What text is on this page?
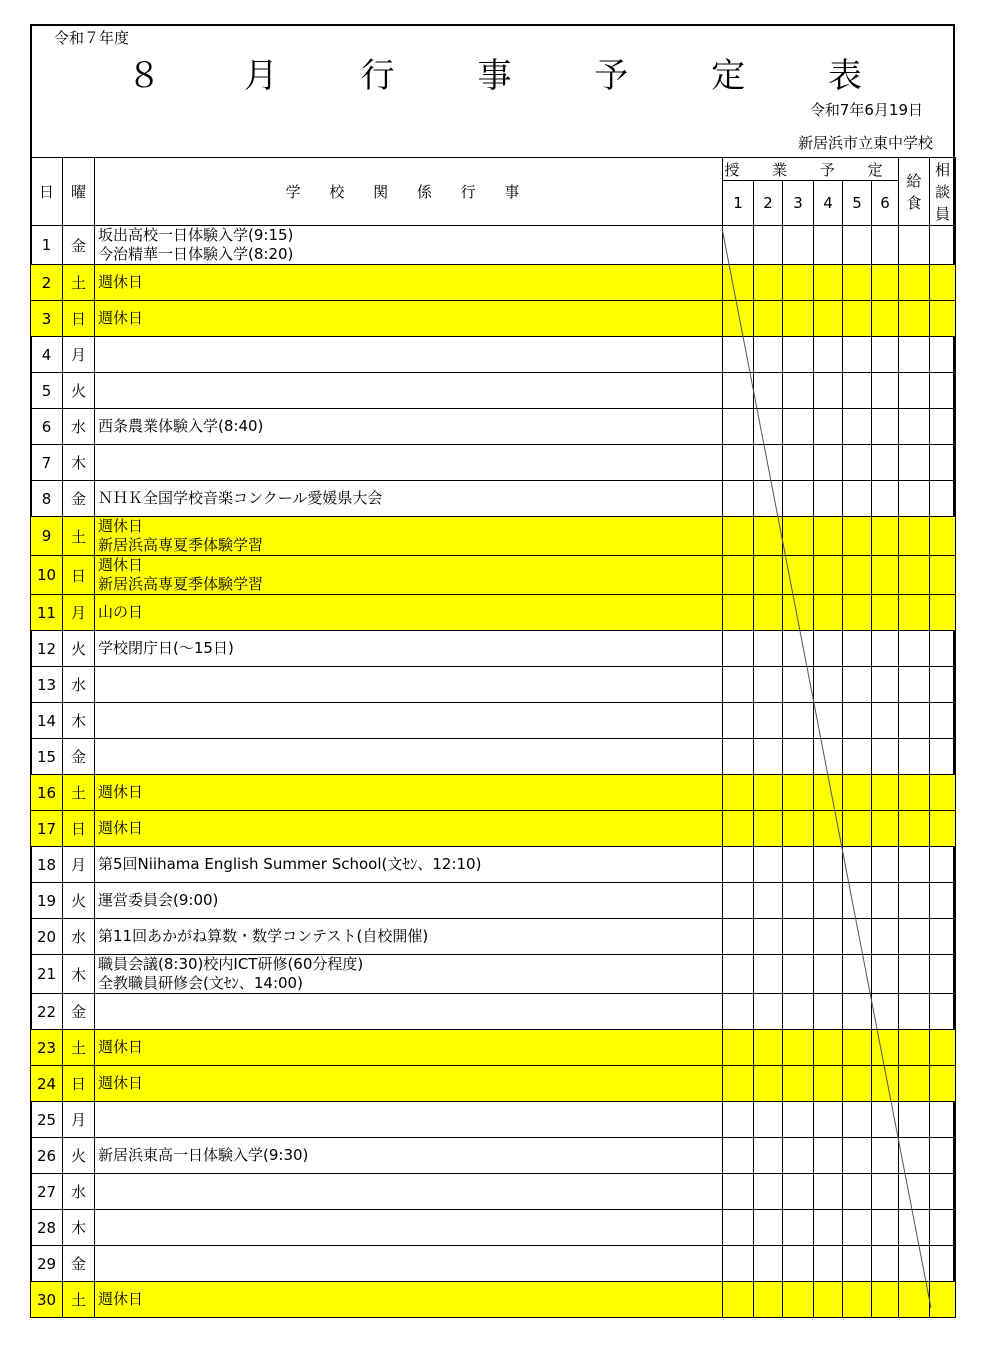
令和７年度
８ 月 行 事 予 定 表
令和7年6月19日
新居浜市立東中学校
日	曜	学 校 関 係 行 事	授 業 予 定						給食	相談員

			1	2	3	4	5	6		
1	金	坂出高校一日体験入学(9:15)
今治精華一日体験入学(8:20)								

2	土	週休日								

3	日	週休日								

4	月									
5	火									
6	水	西条農業体験入学(8:40)								

7	木									
8	金	ＮＨＫ全国学校音楽コンクール愛媛県大会								

9	土	週休日
新居浜高専夏季体験学習								

10	日	週休日
新居浜高専夏季体験学習								

11	月	山の日								

12	火	学校閉庁日(～15日)								

13	水									
14	木									
15	金									
16	土	週休日								

17	日	週休日								

18	月	第5回Niihama English Summer School(文ｾﾝ、12:10)								

19	火	運営委員会(9:00)								

20	水	第11回あかがね算数・数学コンテスト(自校開催)								

21	木	職員会議(8:30)校内ICT研修(60分程度)
全教職員研修会(文ｾﾝ、14:00)								

22	金									
23	土	週休日								

24	日	週休日								

25	月									
26	火	新居浜東高一日体験入学(9:30)								

27	水									
28	木									
29	金									
30	土	週休日								
